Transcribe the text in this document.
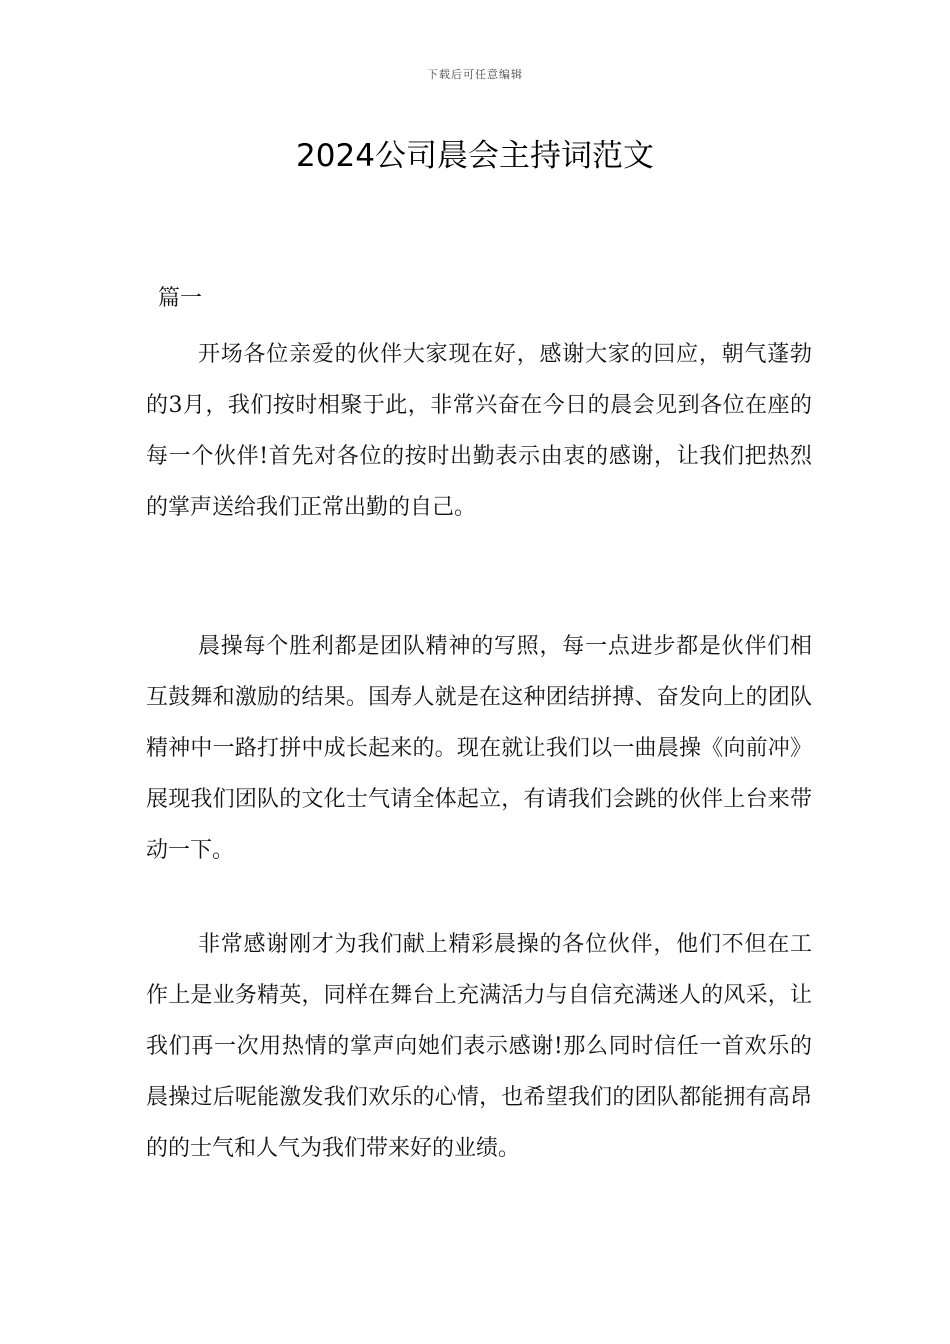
下载后可任意编辑
2024公司晨会主持词范文
篇一

开场各位亲爱的伙伴大家现在好，感谢大家的回应，朝气蓬勃的3月，我们按时相聚于此，非常兴奋在今日的晨会见到各位在座的每一个伙伴!首先对各位的按时出勤表示由衷的感谢，让我们把热烈的掌声送给我们正常出勤的自己。

晨操每个胜利都是团队精神的写照，每一点进步都是伙伴们相互鼓舞和激励的结果。国寿人就是在这种团结拼搏、奋发向上的团队精神中一路打拼中成长起来的。现在就让我们以一曲晨操《向前冲》展现我们团队的文化士气请全体起立，有请我们会跳的伙伴上台来带动一下。

非常感谢刚才为我们献上精彩晨操的各位伙伴，他们不但在工作上是业务精英，同样在舞台上充满活力与自信充满迷人的风采，让我们再一次用热情的掌声向她们表示感谢!那么同时信任一首欢乐的晨操过后呢能激发我们欢乐的心情，也希望我们的团队都能拥有高昂的的士气和人气为我们带来好的业绩。
